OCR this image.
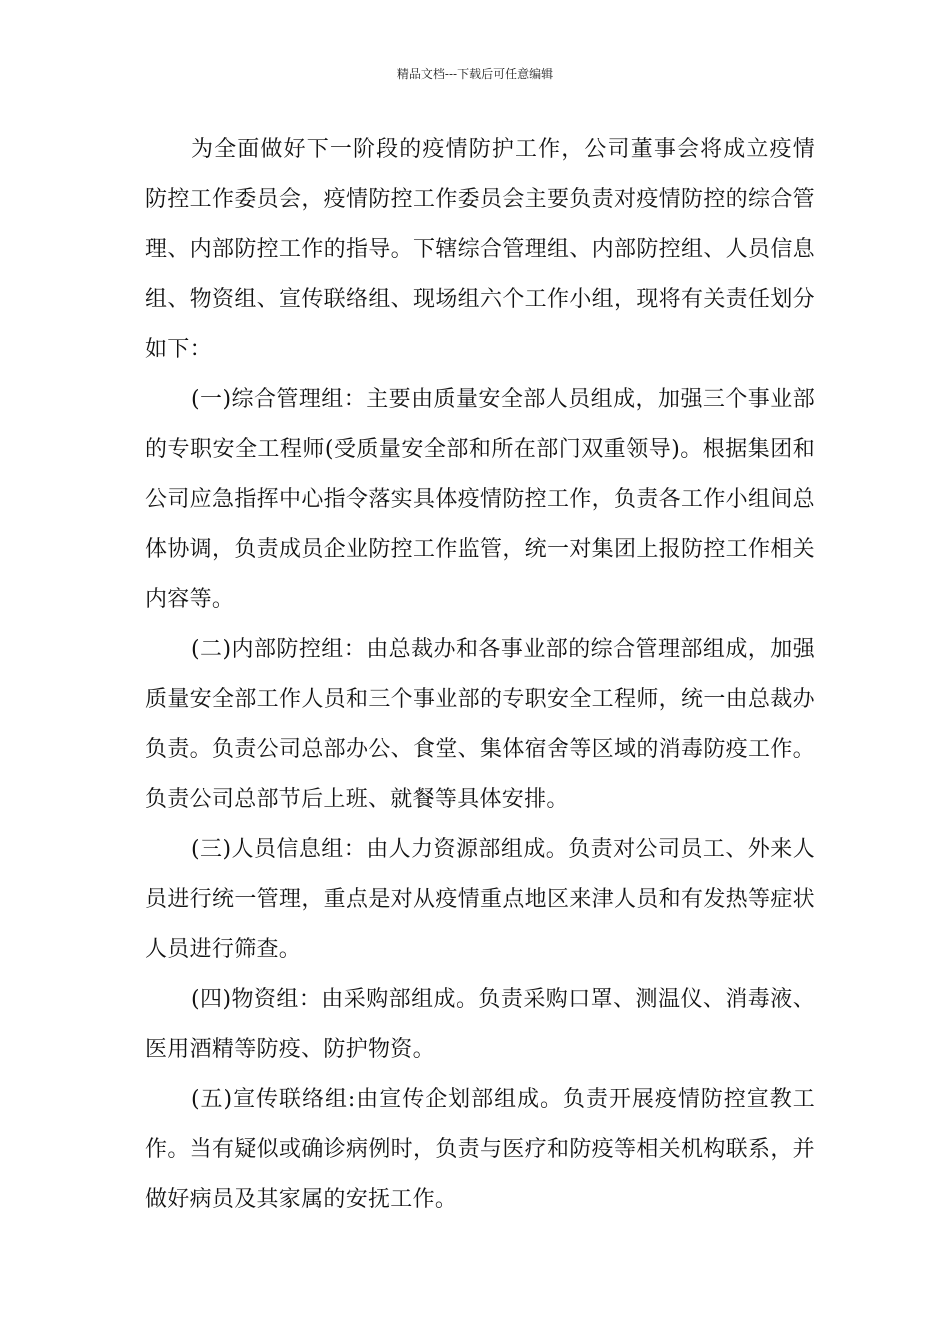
精品文档---下载后可任意编辑

为全面做好下一阶段的疫情防护工作，公司董事会将成立疫情防控工作委员会，疫情防控工作委员会主要负责对疫情防控的综合管理、内部防控工作的指导。下辖综合管理组、内部防控组、人员信息组、物资组、宣传联络组、现场组六个工作小组，现将有关责任划分如下：

(一)综合管理组：主要由质量安全部人员组成，加强三个事业部的专职安全工程师(受质量安全部和所在部门双重领导)。根据集团和公司应急指挥中心指令落实具体疫情防控工作，负责各工作小组间总体协调，负责成员企业防控工作监管，统一对集团上报防控工作相关内容等。

(二)内部防控组：由总裁办和各事业部的综合管理部组成，加强质量安全部工作人员和三个事业部的专职安全工程师，统一由总裁办负责。负责公司总部办公、食堂、集体宿舍等区域的消毒防疫工作。负责公司总部节后上班、就餐等具体安排。

(三)人员信息组：由人力资源部组成。负责对公司员工、外来人员进行统一管理，重点是对从疫情重点地区来津人员和有发热等症状人员进行筛查。

(四)物资组：由采购部组成。负责采购口罩、测温仪、消毒液、医用酒精等防疫、防护物资。

(五)宣传联络组:由宣传企划部组成。负责开展疫情防控宣教工作。当有疑似或确诊病例时，负责与医疗和防疫等相关机构联系，并做好病员及其家属的安抚工作。
